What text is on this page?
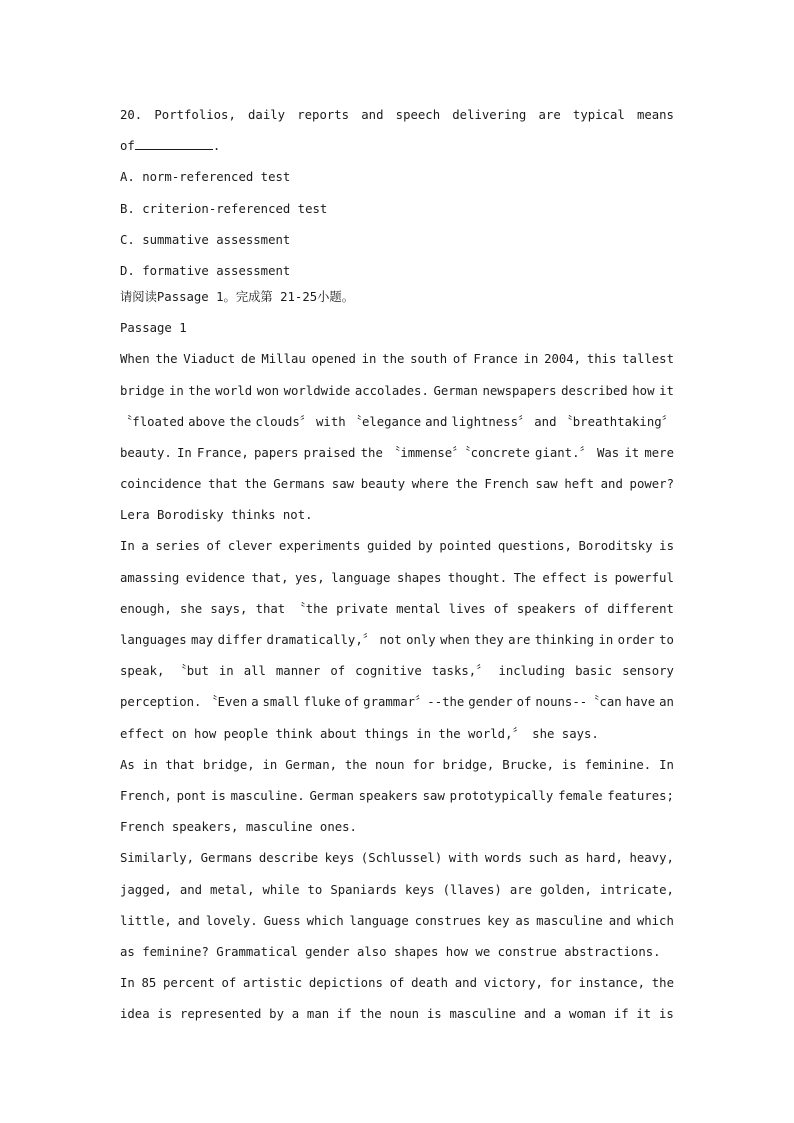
20. Portfolios, daily reports and speech delivering are typical means
of	.
A. norm-referenced test
B. criterion-referenced test
C. summative assessment
D. formative assessment
请阅读Passage 1。完成第 21-25小题。
Passage 1
When the Viaduct de Millau opened in the south of France in 2004, this tallest
bridge in the world won worldwide accolades. German newspapers described how it
〝floated above the clouds〞 with 〝elegance and lightness〞 and 〝breathtaking〞
beauty. In France, papers praised the 〝immense〞〝concrete giant.〞 Was it mere
coincidence that the Germans saw beauty where the French saw heft and power?
Lera Borodisky thinks not.
In a series of clever experiments guided by pointed questions, Boroditsky is
amassing evidence that, yes, language shapes thought. The effect is powerful
enough, she says, that 〝the private mental lives of speakers of different
languages may differ dramatically,〞 not only when they are thinking in order to
speak, 〝but in all manner of cognitive tasks,〞 including basic sensory
perception. 〝Even a small fluke of grammar〞--the gender of nouns--〝can have an
effect on how people think about things in the world,〞 she says.
As in that bridge, in German, the noun for bridge, Brucke, is feminine. In
French, pont is masculine. German speakers saw prototypically female features;
French speakers, masculine ones.
Similarly, Germans describe keys (Schlussel) with words such as hard, heavy,
jagged, and metal, while to Spaniards keys (llaves) are golden, intricate,
little, and lovely. Guess which language construes key as masculine and which
as feminine? Grammatical gender also shapes how we construe abstractions.
In 85 percent of artistic depictions of death and victory, for instance, the
idea is represented by a man if the noun is masculine and a woman if it is
